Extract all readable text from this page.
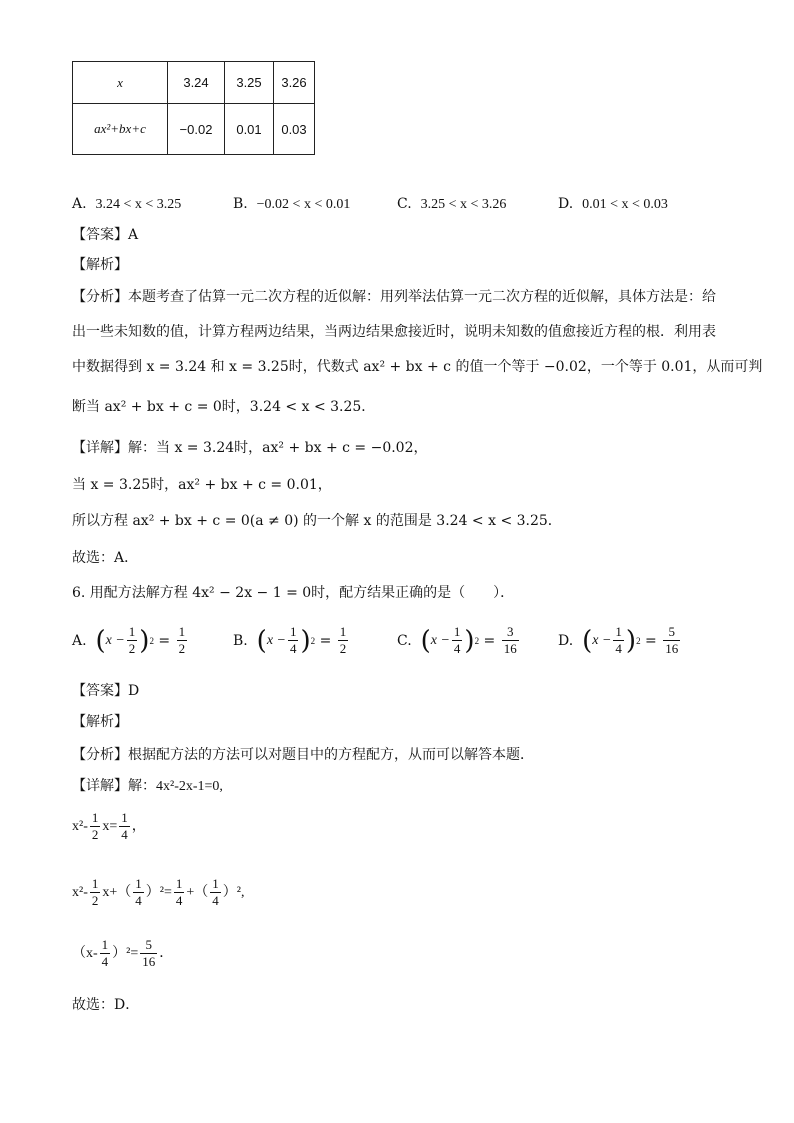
x	3.24	3.25	3.26
ax²+bx+c	−0.02	0.01	0.03
A. 3.24 < x < 3.25	B. −0.02 < x < 0.01	C. 3.25 < x < 3.26	D. 0.01 < x < 0.03
【答案】A
【解析】
【分析】本题考查了估算一元二次方程的近似解：用列举法估算一元二次方程的近似解，具体方法是：给
出一些未知数的值，计算方程两边结果，当两边结果愈接近时，说明未知数的值愈接近方程的根．利用表
中数据得到 x = 3.24 和 x = 3.25时，代数式 ax² + bx + c 的值一个等于 −0.02，一个等于 0.01，从而可判
断当 ax² + bx + c = 0时，3.24 < x < 3.25．
【详解】解：当 x = 3.24时，ax² + bx + c = −0.02，
当 x = 3.25时，ax² + bx + c = 0.01，
所以方程 ax² + bx + c = 0(a ≠ 0) 的一个解 x 的范围是 3.24 < x < 3.25．
故选：A．
6. 用配方法解方程 4x² − 2x − 1 = 0时，配方结果正确的是（　　）．
A.
( $x - \frac{1}{2}$ ) $2 = \frac{1}{2}$	B.
( $x - \frac{1}{4}$ ) $2 = \frac{1}{2}$	C.
( $x - \frac{1}{4}$ ) $2 = \frac{3}{16}$	D.
( $x - \frac{1}{4}$ ) $2 = \frac{5}{16}$
【答案】D
【解析】
【分析】根据配方法的方法可以对题目中的方程配方，从而可以解答本题．
【详解】解：4x²-2x-1=0,
$x^2- \frac{1}{2} x= \frac{1}{4}$ ，
$x^2- \frac{1}{2} x+( \frac{1}{4} )^2= \frac{1}{4}$ +（ $\frac{1}{4} )^2$,
$(x- \frac{1}{4} )^2= \frac{5}{16}$ ．
故选：D．
